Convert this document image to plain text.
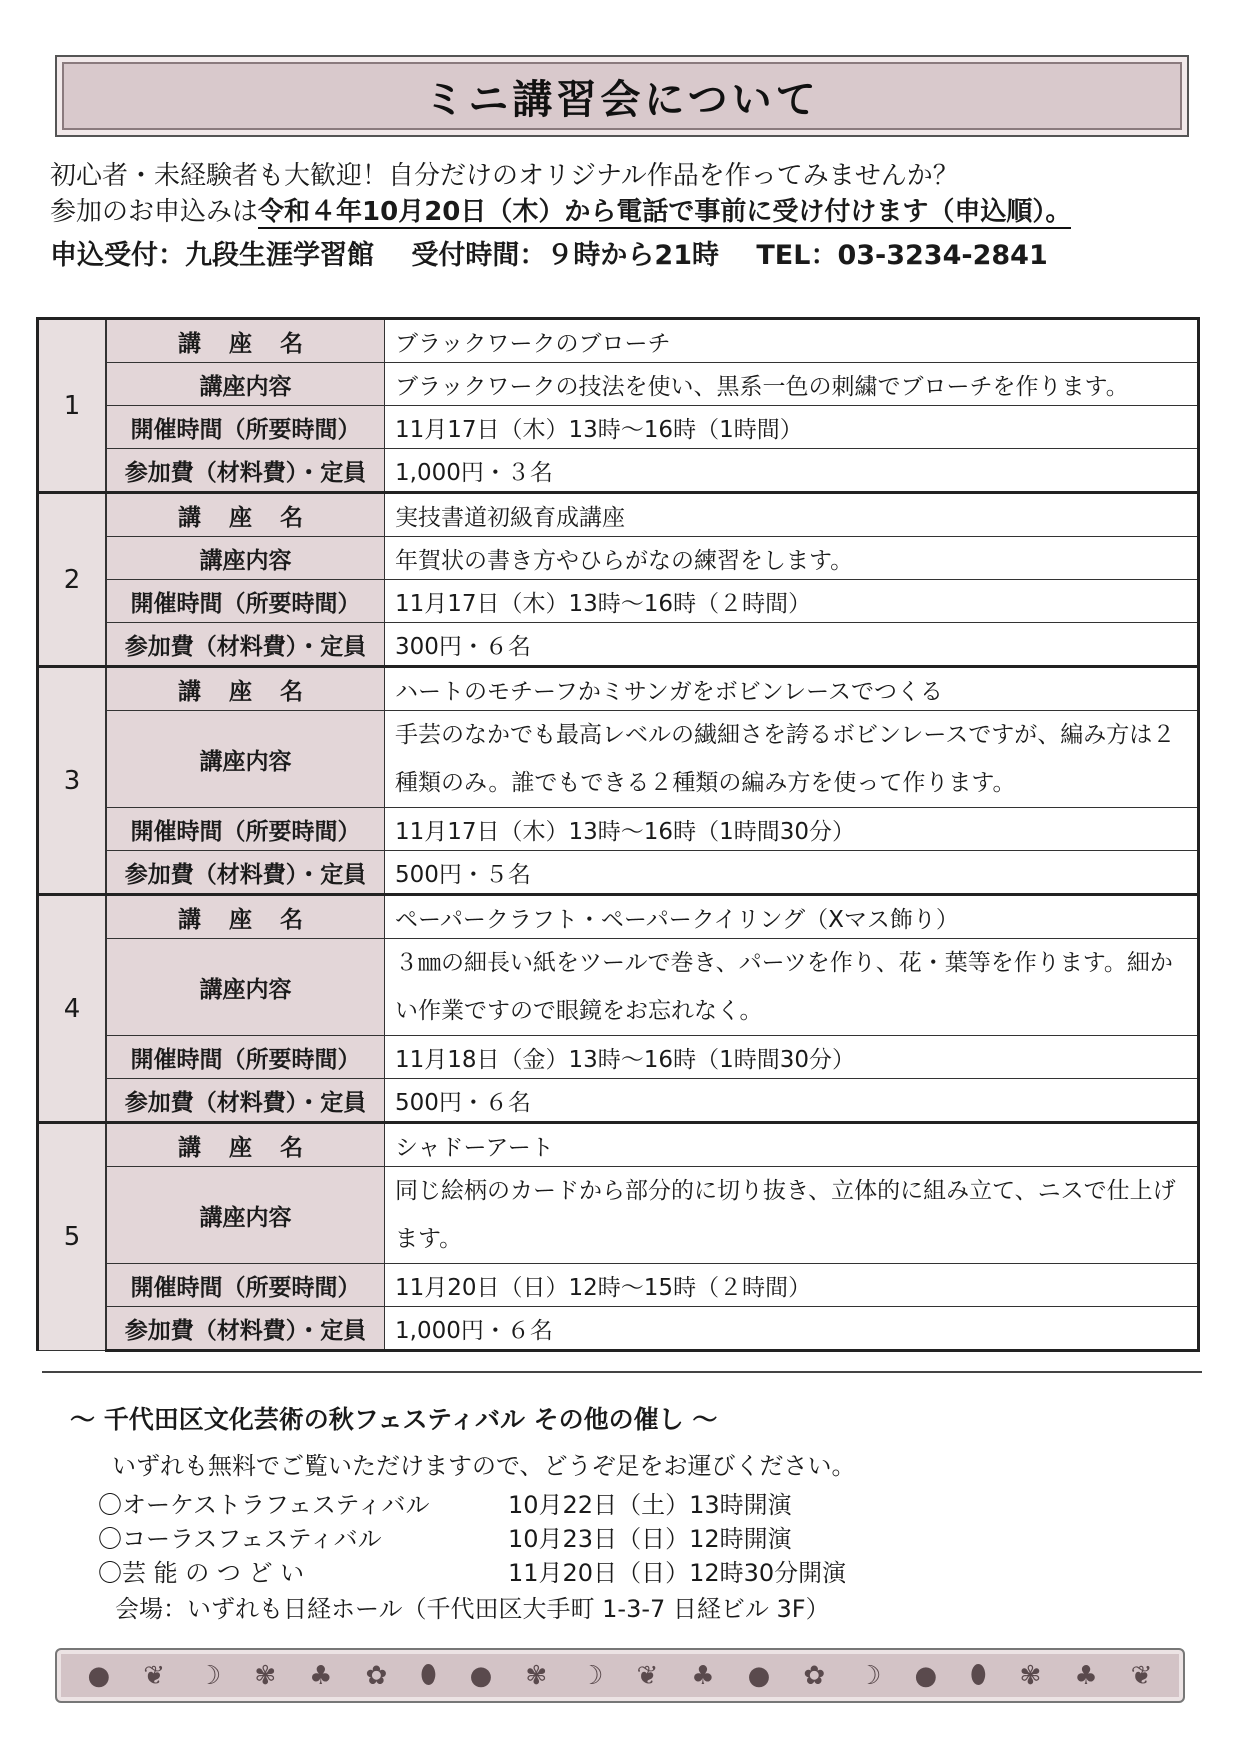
ミニ講習会について

初心者・未経験者も大歓迎！自分だけのオリジナル作品を作ってみませんか？

参加のお申込みは令和４年10月20日（木）から電話で事前に受け付けます（申込順）。

申込受付：九段生涯学習館 受付時間：９時から21時 TEL：03-3234-2841

1	講 座 名	ブラックワークのブローチ
	講座内容	ブラックワークの技法を使い、黒系一色の刺繍でブローチを作ります。
	開催時間（所要時間）	11月17日（木）13時～16時（1時間）
	参加費（材料費）・定員	1,000円・３名
2	講 座 名	実技書道初級育成講座
	講座内容	年賀状の書き方やひらがなの練習をします。
	開催時間（所要時間）	11月17日（木）13時～16時（２時間）
	参加費（材料費）・定員	300円・６名
3	講 座 名	ハートのモチーフかミサンガをボビンレースでつくる
	講座内容	手芸のなかでも最高レベルの繊細さを誇るボビンレースですが、編み方は２種類のみ。誰でもできる２種類の編み方を使って作ります。
	開催時間（所要時間）	11月17日（木）13時～16時（1時間30分）
	参加費（材料費）・定員	500円・５名
4	講 座 名	ペーパークラフト・ペーパークイリング（Xマス飾り）
	講座内容	３㎜の細長い紙をツールで巻き、パーツを作り、花・葉等を作ります。細かい作業ですので眼鏡をお忘れなく。
	開催時間（所要時間）	11月18日（金）13時～16時（1時間30分）
	参加費（材料費）・定員	500円・６名
5	講 座 名	シャドーアート
	講座内容	同じ絵柄のカードから部分的に切り抜き、立体的に組み立て、ニスで仕上げます。
	開催時間（所要時間）	11月20日（日）12時～15時（２時間）
	参加費（材料費）・定員	1,000円・６名

～ 千代田区文化芸術の秋フェスティバル その他の催し ～

いずれも無料でご覧いただけますので、どうぞ足をお運びください。

〇オーケストラフェスティバル	10月22日（土）13時開演
〇コーラスフェスティバル	10月23日（日）12時開演
〇芸 能 の つ ど い	11月20日（日）12時30分開演

会場：いずれも日経ホール（千代田区大手町 1-3-7 日経ビル 3F）

● ❦ ☽ ✾ ♣ ✿ ⬮ ● ✾ ☽ ❦ ♣ ● ✿ ☽ ● ⬮ ✾ ♣ ❦
